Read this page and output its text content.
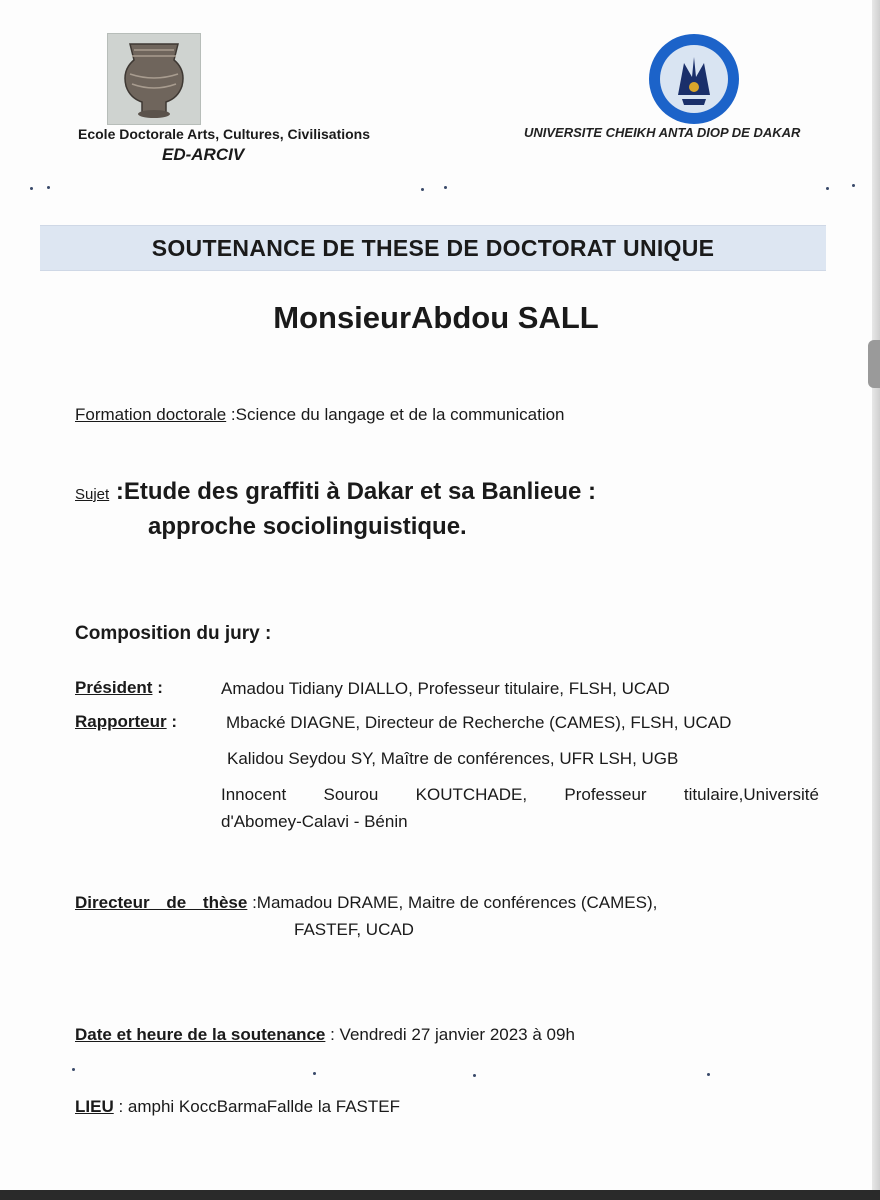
Ecole Doctorale Arts, Cultures, Civilisations
ED-ARCIV
UNIVERSITE CHEIKH ANTA DIOP DE DAKAR
SOUTENANCE DE THESE DE DOCTORAT UNIQUE
MonsieurAbdou SALL
Formation doctorale :Science du langage et de la communication
Sujet :Etude des graffiti à Dakar et sa Banlieue :
approche sociolinguistique.
Composition du jury :
Président :	Amadou Tidiany DIALLO, Professeur titulaire, FLSH, UCAD
Rapporteur :	Mbacké DIAGNE, Directeur de Recherche (CAMES), FLSH, UCAD
Kalidou Seydou SY, Maître de conférences, UFR LSH, UGB
Innocent Sourou KOUTCHADE, Professeur titulaire,Université
d'Abomey-Calavi - Bénin
Directeur de thèse :Mamadou DRAME, Maitre de conférences (CAMES),
FASTEF, UCAD
Date et heure de la soutenance : Vendredi 27 janvier 2023 à 09h
LIEU : amphi KoccBarmaFallde la FASTEF
